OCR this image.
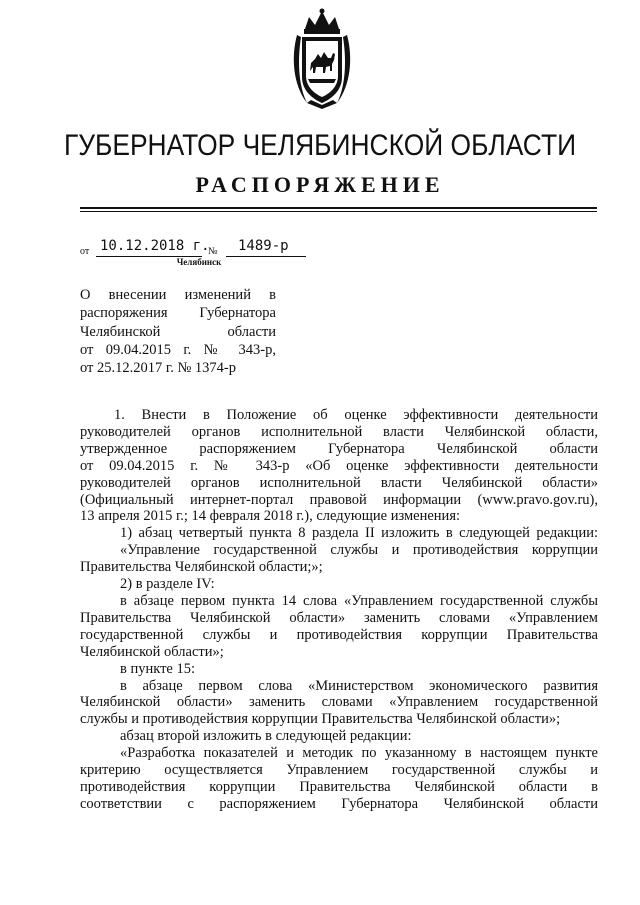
ГУБЕРНАТОР ЧЕЛЯБИНСКОЙ ОБЛАСТИ
РАСПОРЯЖЕНИЕ
от 10.12.2018 г.
№ 1489-р
Челябинск
О внесении изменений в
распоряжения Губернатора
Челябинской области
от 09.04.2015 г. № 343-р,
от 25.12.2017 г. № 1374-р
1. Внести в Положение об оценке эффективности деятельности
руководителей органов исполнительной власти Челябинской области,
утвержденное распоряжением Губернатора Челябинской области
от 09.04.2015 г. № 343-р «Об оценке эффективности деятельности
руководителей органов исполнительной власти Челябинской области»
(Официальный интернет-портал правовой информации (www.pravo.gov.ru),
13 апреля 2015 г.; 14 февраля 2018 г.), следующие изменения:
1) абзац четвертый пункта 8 раздела II изложить в следующей редакции:
«Управление государственной службы и противодействия коррупции
Правительства Челябинской области;»;
2) в разделе IV:
в абзаце первом пункта 14 слова «Управлением государственной службы
Правительства Челябинской области» заменить словами «Управлением
государственной службы и противодействия коррупции Правительства
Челябинской области»;
в пункте 15:
в абзаце первом слова «Министерством экономического развития
Челябинской области» заменить словами «Управлением государственной
службы и противодействия коррупции Правительства Челябинской области»;
абзац второй изложить в следующей редакции:
«Разработка показателей и методик по указанному в настоящем пункте
критерию осуществляется Управлением государственной службы и
противодействия коррупции Правительства Челябинской области в
соответствии с распоряжением Губернатора Челябинской области
